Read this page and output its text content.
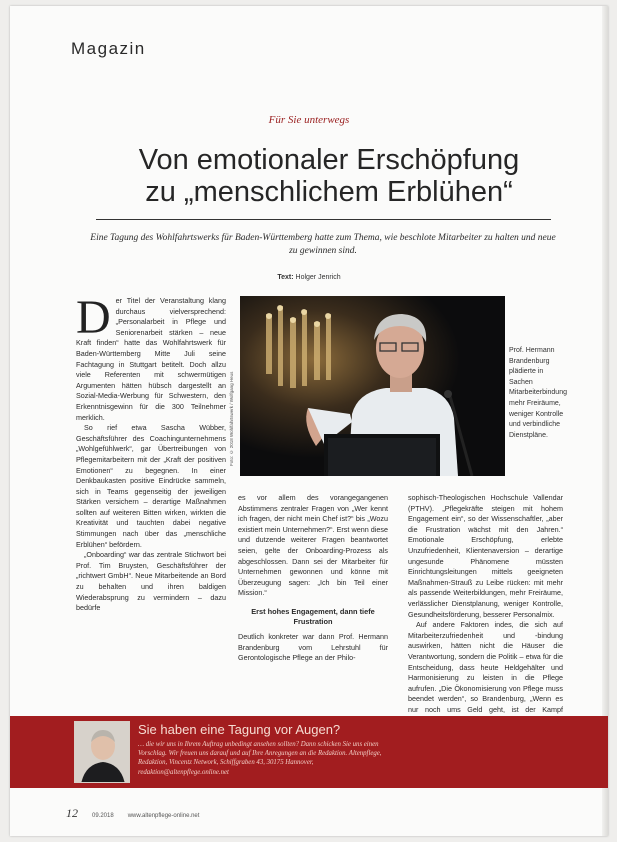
Magazin
Für Sie unterwegs
Von emotionaler Erschöpfung
zu „menschlichem Erblühen“
Eine Tagung des Wohlfahrtswerks für Baden-Württemberg hatte zum Thema, wie beschlote Mitarbeiter zu halten und neue zu gewinnen sind.
Text: Holger Jenrich
Foto: © 2018 Wohlfahrtswerk / Wolfgang Heus
Prof. Hermann Brandenburg plädierte in Sachen Mitarbeiterbindung mehr Freiräume, weniger Kontrolle und verbindliche Dienstpläne.

D er Titel der Veranstaltung klang durchaus vielversprechend: „Personalarbeit in Pflege und Seniorenarbeit stärken – neue Kraft finden“ hatte das Wohlfahrtswerk für Baden-Württemberg Mitte Juli seine Fachtagung in Stuttgart betitelt. Doch allzu viele Referenten mit schwermütigen Argumenten hätten hübsch dargestellt an Sozial-Media-Werbung für Schwestern, den Erkenntnisgewinn für die 300 Teilnehmer merklich.

So rief etwa Sascha Wübber, Geschäftsführer des Coachingunternehmens „Wohlgefühlwerk“, gar Übertreibungen von Pflegemitarbeitern mit der „Kraft der positiven Emotionen“ zu begegnen. In einer Denkbaukasten positive Eindrücke sammeln, sich in Teams gegenseitig der jeweiligen Stärken versichern – derartige Maßnahmen sollten auf weiteren Bitten wirken, wirkten die Kreativität und tauchten dabei negative Stimmungen nach über das „menschliche Erblühen“ befördern.

„Onboarding“ war das zentrale Stichwort bei Prof. Tim Bruysten, Geschäftsführer der „richtwert GmbH“. Neue Mitarbeitende an Bord zu behalten und ihren baldigen Wiederabsprung zu vermindern – dazu bedürfe

es vor allem des vorangegangenen Abstimmens zentraler Fragen von „Wer kennt ich fragen, der nicht mein Chef ist?“ bis „Wozu existiert mein Unternehmen?“. Erst wenn diese und dutzende weiterer Fragen beantwortet seien, gelte der Onboarding-Prozess als abgeschlossen. Dann sei der Mitarbeiter für Unternehmen gewonnen und könne mit Überzeugung sagen: „Ich bin Teil einer Mission.“

Erst hohes Engagement, dann tiefe Frustration

Deutlich konkreter war dann Prof. Hermann Brandenburg vom Lehrstuhl für Gerontologische Pflege an der Philo-

sophisch-Theologischen Hochschule Vallendar (PTHV). „Pflegekräfte steigen mit hohem Engagement ein“, so der Wissenschaftler, „aber die Frustration wächst mit den Jahren.“ Emotionale Erschöpfung, erlebte Unzufriedenheit, Klientenaversion – derartige ungesunde Phänomene müssten Einrichtungsleitungen mittels geeigneten Maßnahmen-Strauß zu Leibe rücken: mit mehr als passende Weiterbildungen, mehr Freiräume, verlässlicher Dienstplanung, weniger Kontrolle, Gesundheitsförderung, besserer Personalmix.

Auf andere Faktoren indes, die sich auf Mitarbeiterzufriedenheit und -bindung auswirken, hätten nicht die Häuser die Verantwortung, sondern die Politik – etwa für die Entscheidung, dass heute Heldgehälter und Harmonisierung zu leisten in die Pflege aufrufen. „Die Ökonomisierung von Pflege muss beendet werden“, so Brandenburg, „Wenn es nur noch ums Geld geht, ist der Kampf

Sie haben eine Tagung vor Augen?
… die wir uns in Ihrem Auftrag unbedingt ansehen sollten? Dann schicken Sie uns einen Vorschlag. Wir freuen uns darauf und auf Ihre Anregungen an die Redaktion. Altenpflege, Redaktion, Vincentz Network, Schiffgraben 43, 30175 Hannover, redaktion@altenpflege.online.net
12 09.2018 www.altenpflege-online.net
